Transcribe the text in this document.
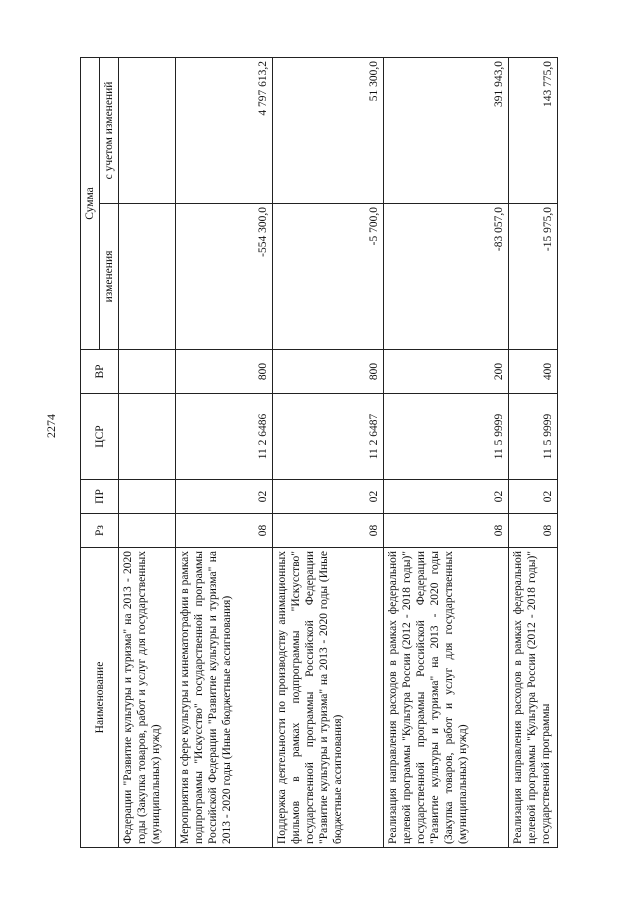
2274
Наименование	Рз	ПР	ЦСР	ВР	Сумма	
					изменения	с учетом изменений
Федерации "Развитие культуры и туризма" на 2013 - 2020 годы (Закупка товаров, работ и услуг для государственных (муниципальных) нужд)						
Мероприятия в сфере культуры и кинематографии в рамках подпрограммы "Искусство" государственной программы Российской Федерации "Развитие культуры и туризма" на 2013 - 2020 годы (Иные бюджетные ассигнования)	08	02	11 2 6486	800	-554 300,0	4 797 613,2
Поддержка деятельности по производству анимационных фильмов в рамках подпрограммы "Искусство" государственной программы Российской Федерации "Развитие культуры и туризма" на 2013 - 2020 годы (Иные бюджетные ассигнования)	08	02	11 2 6487	800	-5 700,0	51 300,0
Реализация направления расходов в рамках федеральной целевой программы "Культура России (2012 - 2018 годы)" государственной программы Российской Федерации "Развитие культуры и туризма" на 2013 - 2020 годы (Закупка товаров, работ и услуг для государственных (муниципальных) нужд)	08	02	11 5 9999	200	-83 057,0	391 943,0
Реализация направления расходов в рамках федеральной целевой программы "Культура России (2012 - 2018 годы)" государственной программы	08	02	11 5 9999	400	-15 975,0	143 775,0
